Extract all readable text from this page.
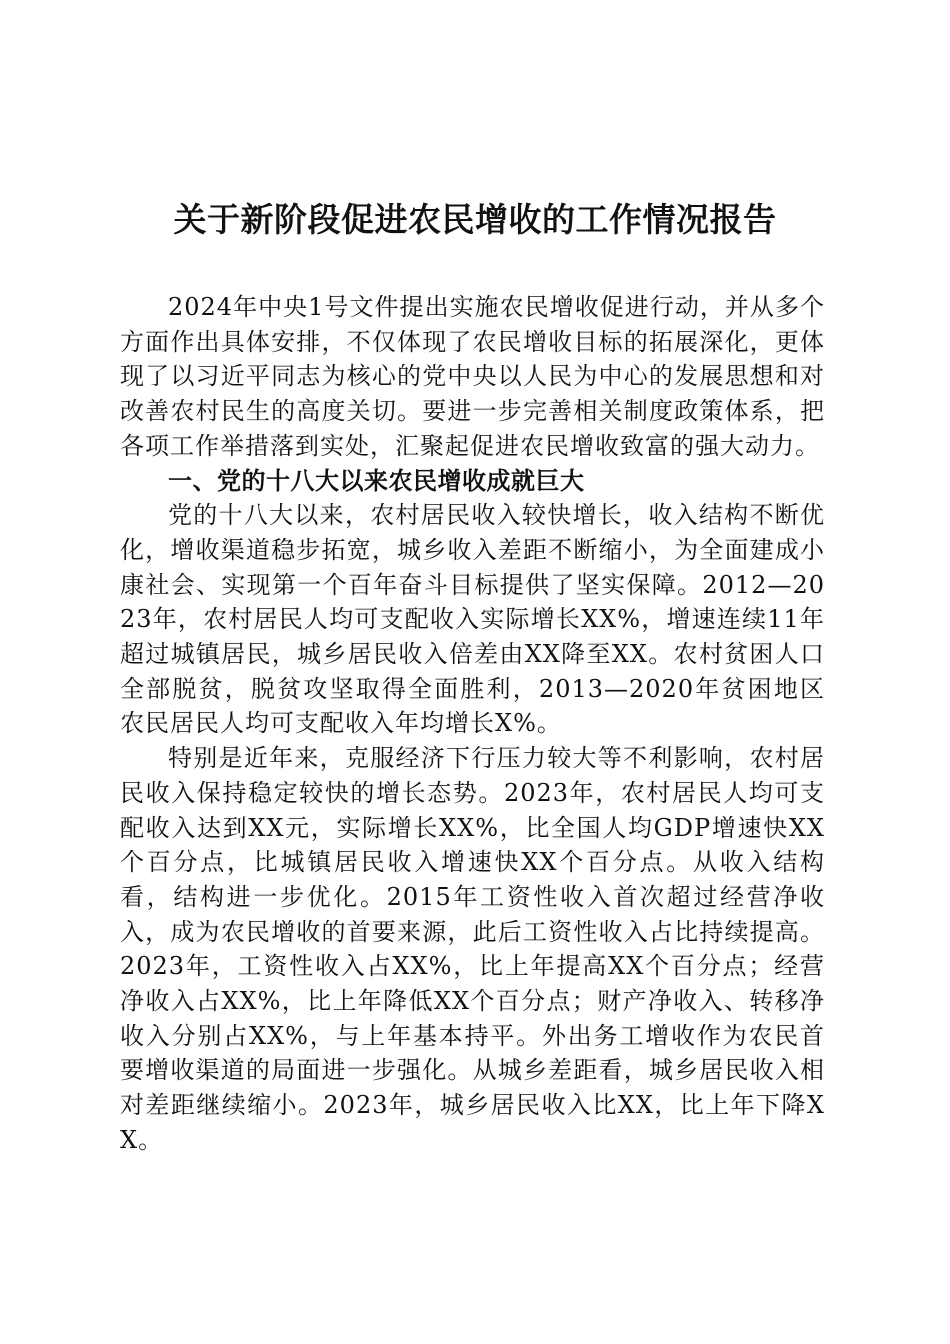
关于新阶段促进农民增收的工作情况报告

2024年中央1号文件提出实施农民增收促进行动，并从多个方面作出具体安排，不仅体现了农民增收目标的拓展深化，更体现了以习近平同志为核心的党中央以人民为中心的发展思想和对改善农村民生的高度关切。要进一步完善相关制度政策体系，把各项工作举措落到实处，汇聚起促进农民增收致富的强大动力。

一、党的十八大以来农民增收成就巨大

党的十八大以来，农村居民收入较快增长，收入结构不断优化，增收渠道稳步拓宽，城乡收入差距不断缩小，为全面建成小康社会、实现第一个百年奋斗目标提供了坚实保障。2012—2023年，农村居民人均可支配收入实际增长XX%，增速连续11年超过城镇居民，城乡居民收入倍差由XX降至XX。农村贫困人口全部脱贫，脱贫攻坚取得全面胜利，2013—2020年贫困地区农民居民人均可支配收入年均增长X%。

特别是近年来，克服经济下行压力较大等不利影响，农村居民收入保持稳定较快的增长态势。2023年，农村居民人均可支配收入达到XX元，实际增长XX%，比全国人均GDP增速快XX个百分点，比城镇居民收入增速快XX个百分点。从收入结构看，结构进一步优化。2015年工资性收入首次超过经营净收入，成为农民增收的首要来源，此后工资性收入占比持续提高。2023年，工资性收入占XX%，比上年提高XX个百分点；经营净收入占XX%，比上年降低XX个百分点；财产净收入、转移净收入分别占XX%，与上年基本持平。外出务工增收作为农民首要增收渠道的局面进一步强化。从城乡差距看，城乡居民收入相对差距继续缩小。2023年，城乡居民收入比XX，比上年下降XX。
